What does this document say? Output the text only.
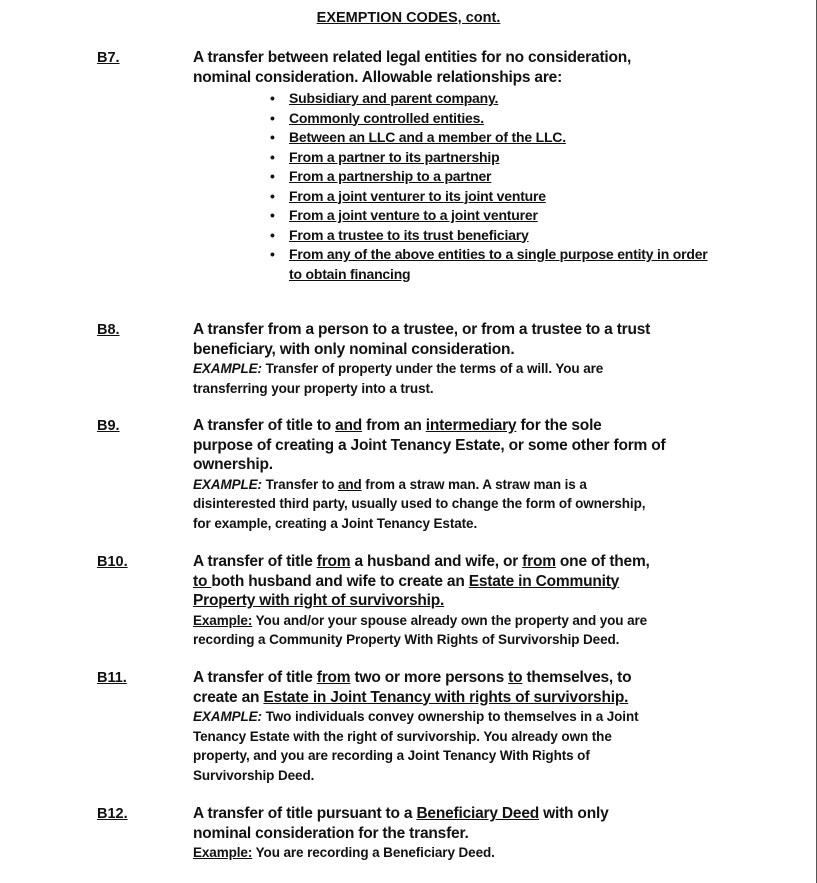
EXEMPTION CODES, cont.
B7.	A transfer between related legal entities for no consideration,
nominal consideration. Allowable relationships are:
• Subsidiary and parent company.
• Commonly controlled entities.
• Between an LLC and a member of the LLC.
• From a partner to its partnership
• From a partnership to a partner
• From a joint venturer to its joint venture
• From a joint venture to a joint venturer
• From a trustee to its trust beneficiary
• From any of the above entities to a single purpose entity in order to obtain financing
B8.	A transfer from a person to a trustee, or from a trustee to a trust
beneficiary, with only nominal consideration.
EXAMPLE: Transfer of property under the terms of a will. You are
transferring your property into a trust.
B9.	A transfer of title to and from an intermediary for the sole
purpose of creating a Joint Tenancy Estate, or some other form of
ownership.
EXAMPLE: Transfer to and from a straw man. A straw man is a
disinterested third party, usually used to change the form of ownership,
for example, creating a Joint Tenancy Estate.
B10.	A transfer of title from a husband and wife, or from one of them,
to both husband and wife to create an Estate in Community
Property with right of survivorship.
Example: You and/or your spouse already own the property and you are
recording a Community Property With Rights of Survivorship Deed.
B11.	A transfer of title from two or more persons to themselves, to
create an Estate in Joint Tenancy with rights of survivorship.
EXAMPLE: Two individuals convey ownership to themselves in a Joint
Tenancy Estate with the right of survivorship. You already own the
property, and you are recording a Joint Tenancy With Rights of
Survivorship Deed.
B12.	A transfer of title pursuant to a Beneficiary Deed with only
nominal consideration for the transfer.
Example: You are recording a Beneficiary Deed.
